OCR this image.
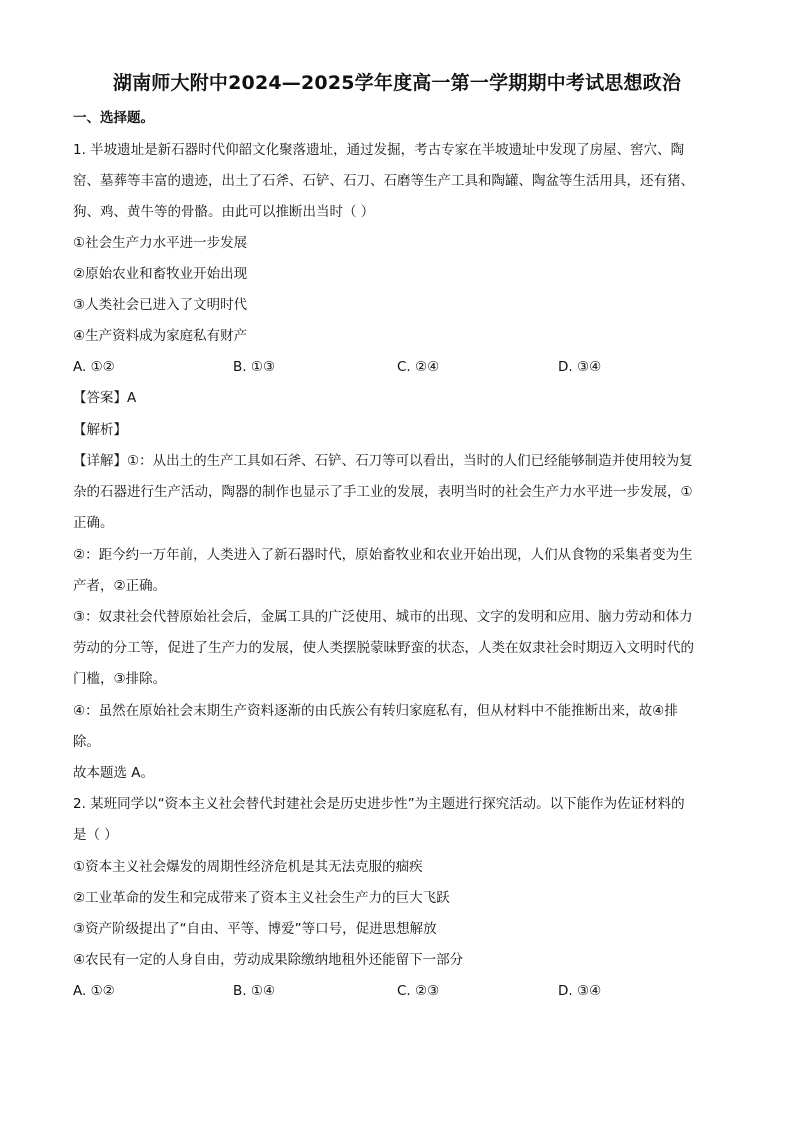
湖南师大附中2024—2025学年度高一第一学期期中考试思想政治
一、选择题。
1. 半坡遗址是新石器时代仰韶文化聚落遗址，通过发掘，考古专家在半坡遗址中发现了房屋、窖穴、陶
窑、墓葬等丰富的遗迹，出土了石斧、石铲、石刀、石磨等生产工具和陶罐、陶盆等生活用具，还有猪、
狗、鸡、黄牛等的骨骼。由此可以推断出当时（ ）
①社会生产力水平进一步发展
②原始农业和畜牧业开始出现
③人类社会已进入了文明时代
④生产资料成为家庭私有财产
A. ①②	B. ①③	C. ②④	D. ③④
【答案】A
【解析】
【详解】①：从出土的生产工具如石斧、石铲、石刀等可以看出，当时的人们已经能够制造并使用较为复
杂的石器进行生产活动，陶器的制作也显示了手工业的发展，表明当时的社会生产力水平进一步发展，①
正确。
②：距今约一万年前，人类进入了新石器时代，原始畜牧业和农业开始出现，人们从食物的采集者变为生
产者，②正确。
③：奴隶社会代替原始社会后，金属工具的广泛使用、城市的出现、文字的发明和应用、脑力劳动和体力
劳动的分工等，促进了生产力的发展，使人类摆脱蒙昧野蛮的状态，人类在奴隶社会时期迈入文明时代的
门槛，③排除。
④：虽然在原始社会末期生产资料逐渐的由氏族公有转归家庭私有，但从材料中不能推断出来，故④排
除。
故本题选 A。
2. 某班同学以“资本主义社会替代封建社会是历史进步性”为主题进行探究活动。以下能作为佐证材料的
是（ ）
①资本主义社会爆发的周期性经济危机是其无法克服的痼疾
②工业革命的发生和完成带来了资本主义社会生产力的巨大飞跃
③资产阶级提出了“自由、平等、博爱”等口号，促进思想解放
④农民有一定的人身自由，劳动成果除缴纳地租外还能留下一部分
A. ①②	B. ①④	C. ②③	D. ③④
